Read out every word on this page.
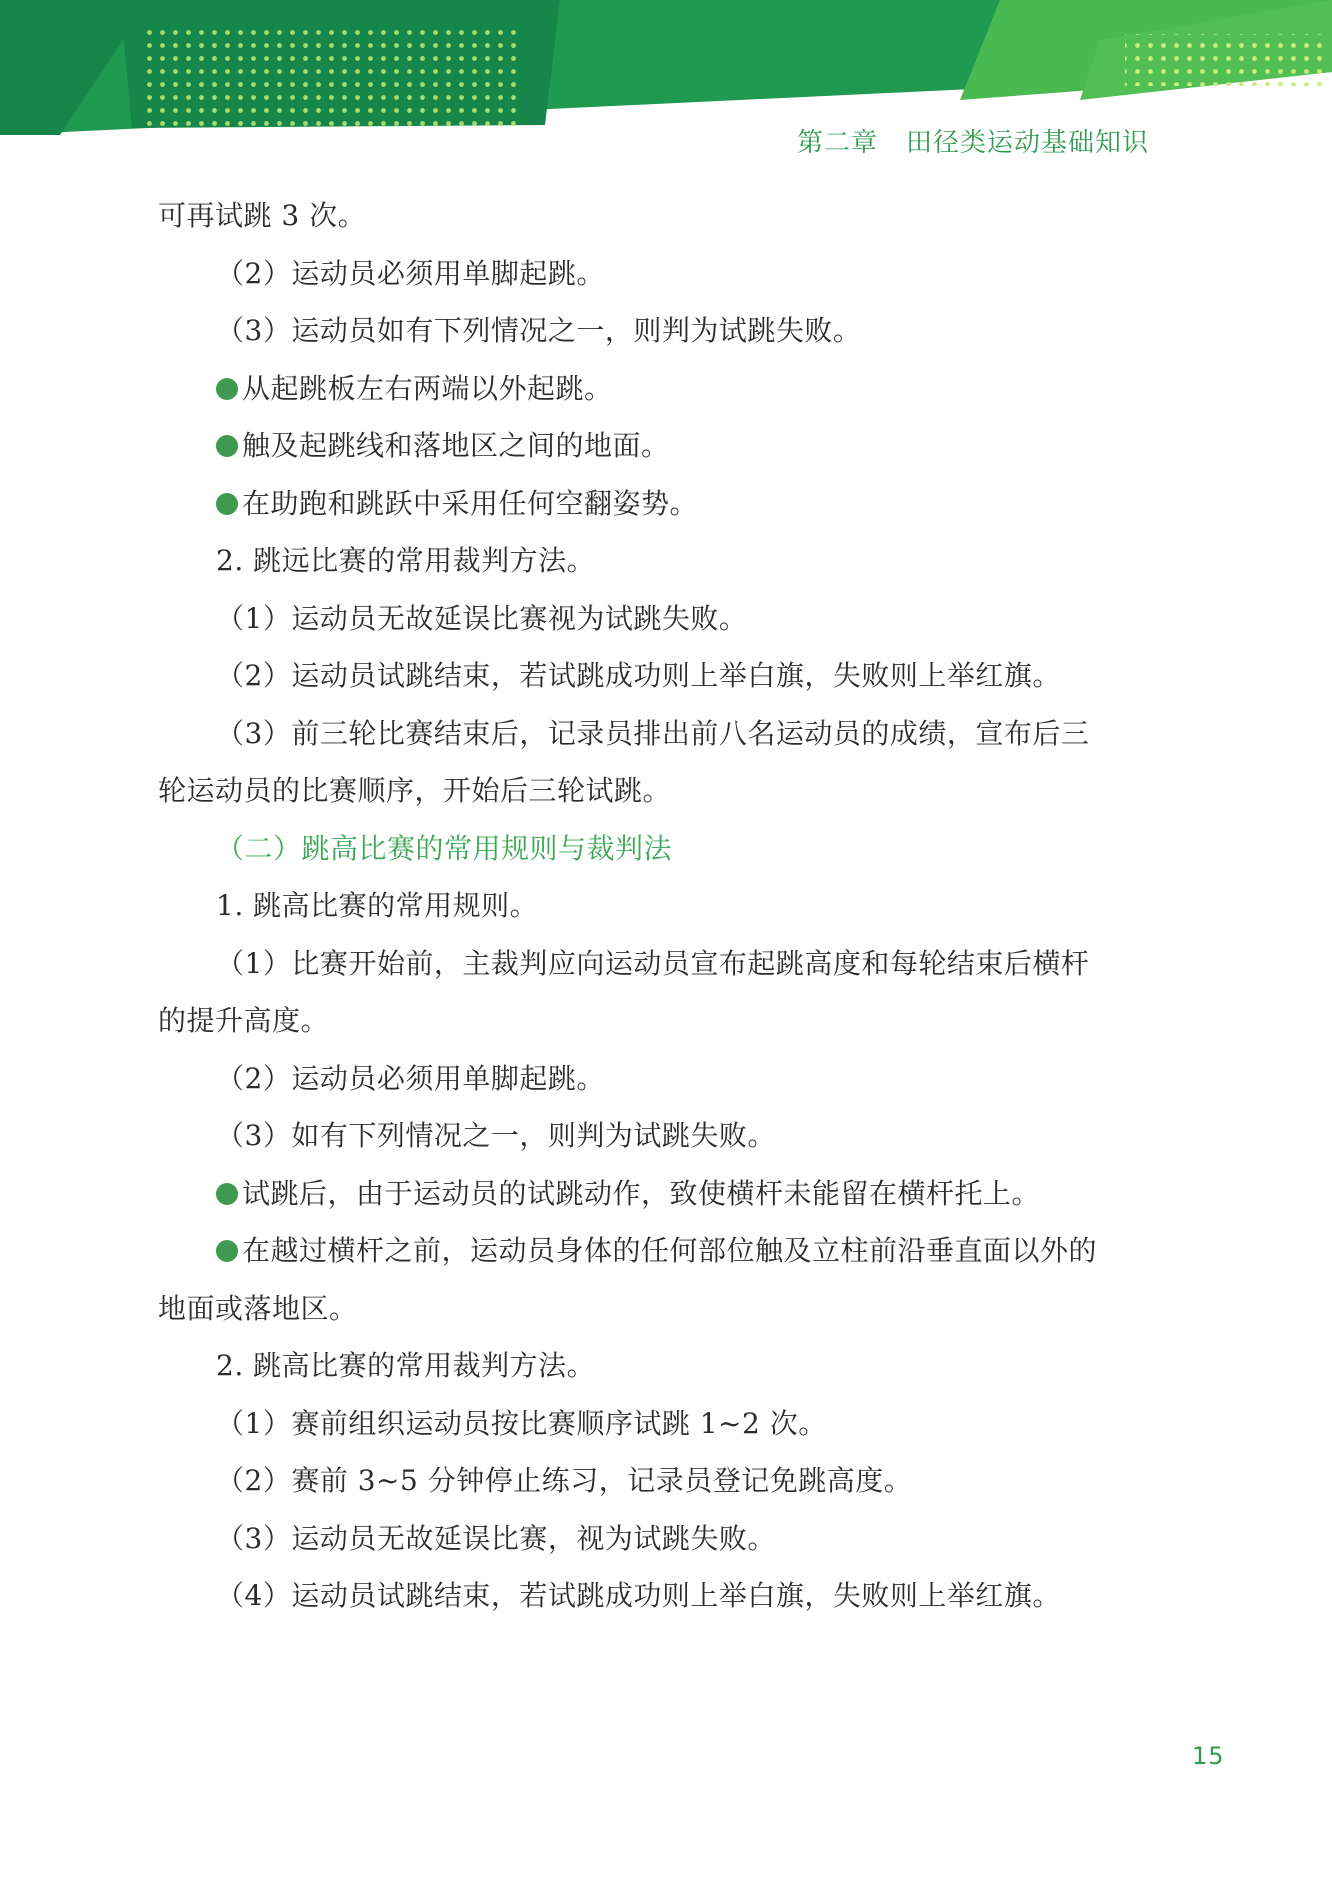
第二章 田径类运动基础知识
可再试跳 3 次。
（2）运动员必须用单脚起跳。
（3）运动员如有下列情况之一，则判为试跳失败。
从起跳板左右两端以外起跳。
触及起跳线和落地区之间的地面。
在助跑和跳跃中采用任何空翻姿势。
2. 跳远比赛的常用裁判方法。
（1）运动员无故延误比赛视为试跳失败。
（2）运动员试跳结束，若试跳成功则上举白旗，失败则上举红旗。
（3）前三轮比赛结束后，记录员排出前八名运动员的成绩，宣布后三
轮运动员的比赛顺序，开始后三轮试跳。
（二）跳高比赛的常用规则与裁判法
1. 跳高比赛的常用规则。
（1）比赛开始前，主裁判应向运动员宣布起跳高度和每轮结束后横杆
的提升高度。
（2）运动员必须用单脚起跳。
（3）如有下列情况之一，则判为试跳失败。
试跳后，由于运动员的试跳动作，致使横杆未能留在横杆托上。
在越过横杆之前，运动员身体的任何部位触及立柱前沿垂直面以外的
地面或落地区。
2. 跳高比赛的常用裁判方法。
（1）赛前组织运动员按比赛顺序试跳 1~2 次。
（2）赛前 3~5 分钟停止练习，记录员登记免跳高度。
（3）运动员无故延误比赛，视为试跳失败。
（4）运动员试跳结束，若试跳成功则上举白旗，失败则上举红旗。
15
